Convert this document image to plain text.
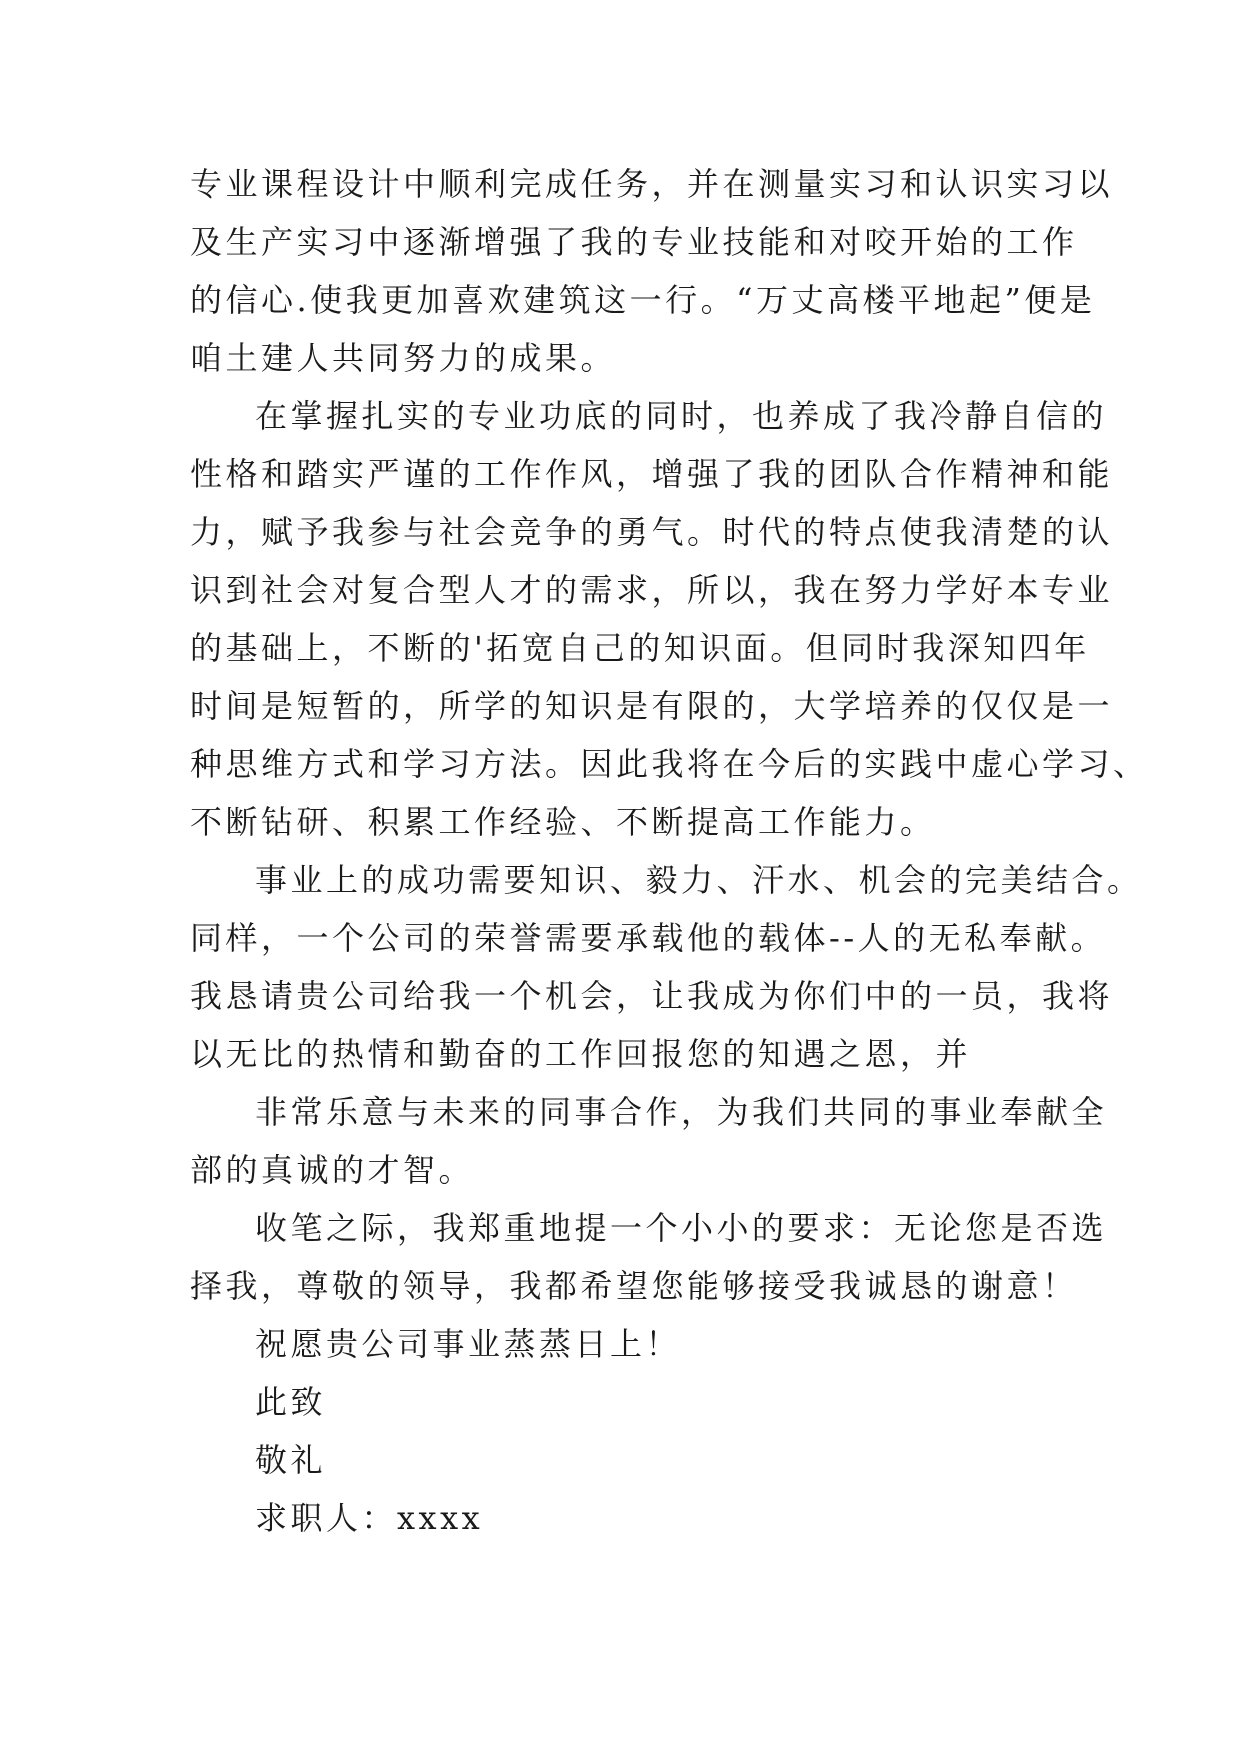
专业课程设计中顺利完成任务，并在测量实习和认识实习以
及生产实习中逐渐增强了我的专业技能和对咬开始的工作
的信心.使我更加喜欢建筑这一行。“万丈高楼平地起”便是
咱土建人共同努力的成果。
在掌握扎实的专业功底的同时，也养成了我冷静自信的
性格和踏实严谨的工作作风，增强了我的团队合作精神和能
力，赋予我参与社会竞争的勇气。时代的特点使我清楚的认
识到社会对复合型人才的需求，所以，我在努力学好本专业
的基础上，不断的'拓宽自己的知识面。但同时我深知四年
时间是短暂的，所学的知识是有限的，大学培养的仅仅是一
种思维方式和学习方法。因此我将在今后的实践中虚心学习、
不断钻研、积累工作经验、不断提高工作能力。
事业上的成功需要知识、毅力、汗水、机会的完美结合。
同样，一个公司的荣誉需要承载他的载体--人的无私奉献。
我恳请贵公司给我一个机会，让我成为你们中的一员，我将
以无比的热情和勤奋的工作回报您的知遇之恩，并
非常乐意与未来的同事合作，为我们共同的事业奉献全
部的真诚的才智。
收笔之际，我郑重地提一个小小的要求：无论您是否选
择我，尊敬的领导，我都希望您能够接受我诚恳的谢意！
祝愿贵公司事业蒸蒸日上！
此致
敬礼
求职人：xxxx
